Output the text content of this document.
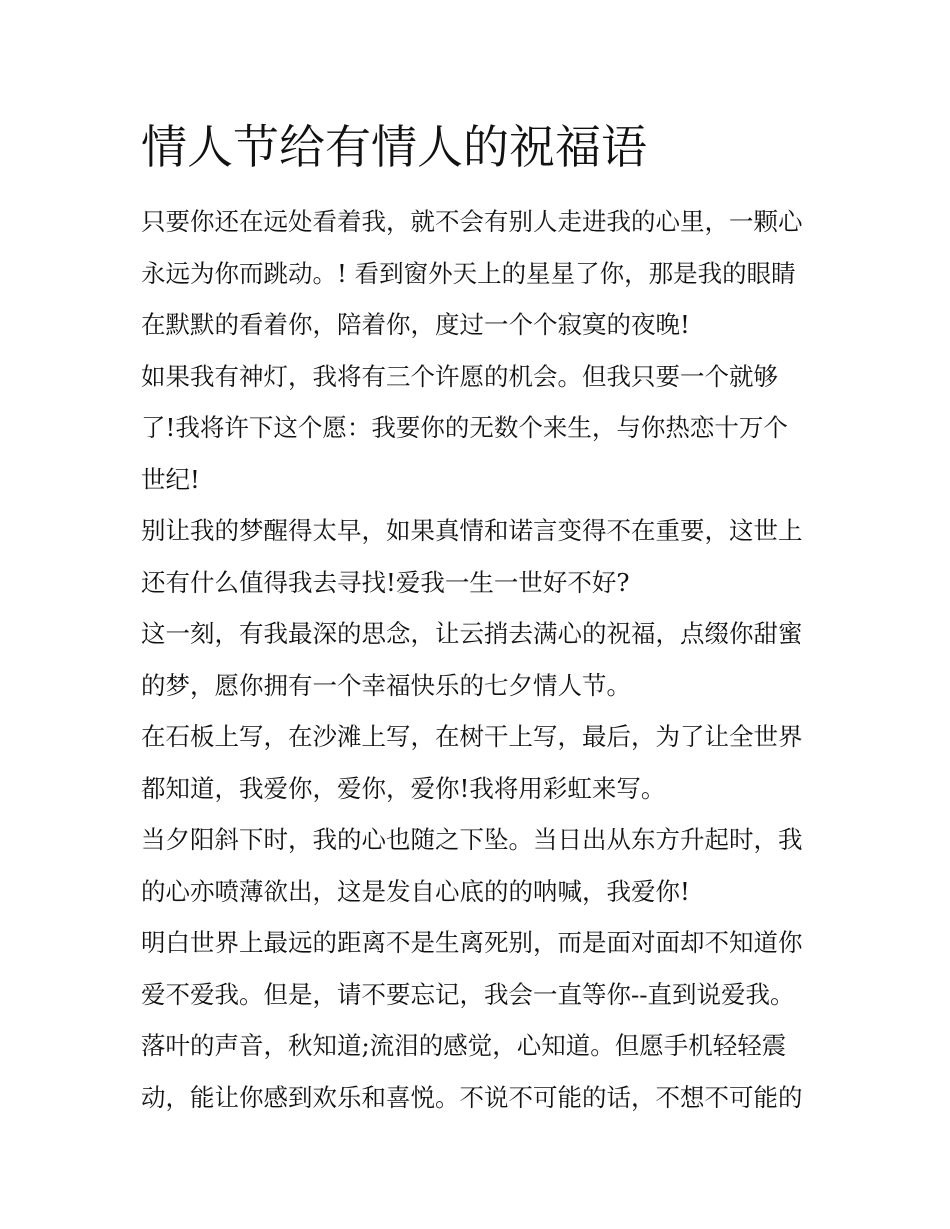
情人节给有情人的祝福语
只要你还在远处看着我，就不会有别人走进我的心里，一颗心
永远为你而跳动。! 看到窗外天上的星星了你，那是我的眼睛
在默默的看着你，陪着你，度过一个个寂寞的夜晚!
如果我有神灯，我将有三个许愿的机会。但我只要一个就够
了!我将许下这个愿：我要你的无数个来生，与你热恋十万个
世纪!
别让我的梦醒得太早，如果真情和诺言变得不在重要，这世上
还有什么值得我去寻找!爱我一生一世好不好?
这一刻，有我最深的思念，让云捎去满心的祝福，点缀你甜蜜
的梦，愿你拥有一个幸福快乐的七夕情人节。
在石板上写，在沙滩上写，在树干上写，最后，为了让全世界
都知道，我爱你，爱你，爱你!我将用彩虹来写。
当夕阳斜下时，我的心也随之下坠。当日出从东方升起时，我
的心亦喷薄欲出，这是发自心底的的呐喊，我爱你!
明白世界上最远的距离不是生离死别，而是面对面却不知道你
爱不爱我。但是，请不要忘记，我会一直等你--直到说爱我。
落叶的声音，秋知道;流泪的感觉，心知道。但愿手机轻轻震
动，能让你感到欢乐和喜悦。不说不可能的话，不想不可能的
